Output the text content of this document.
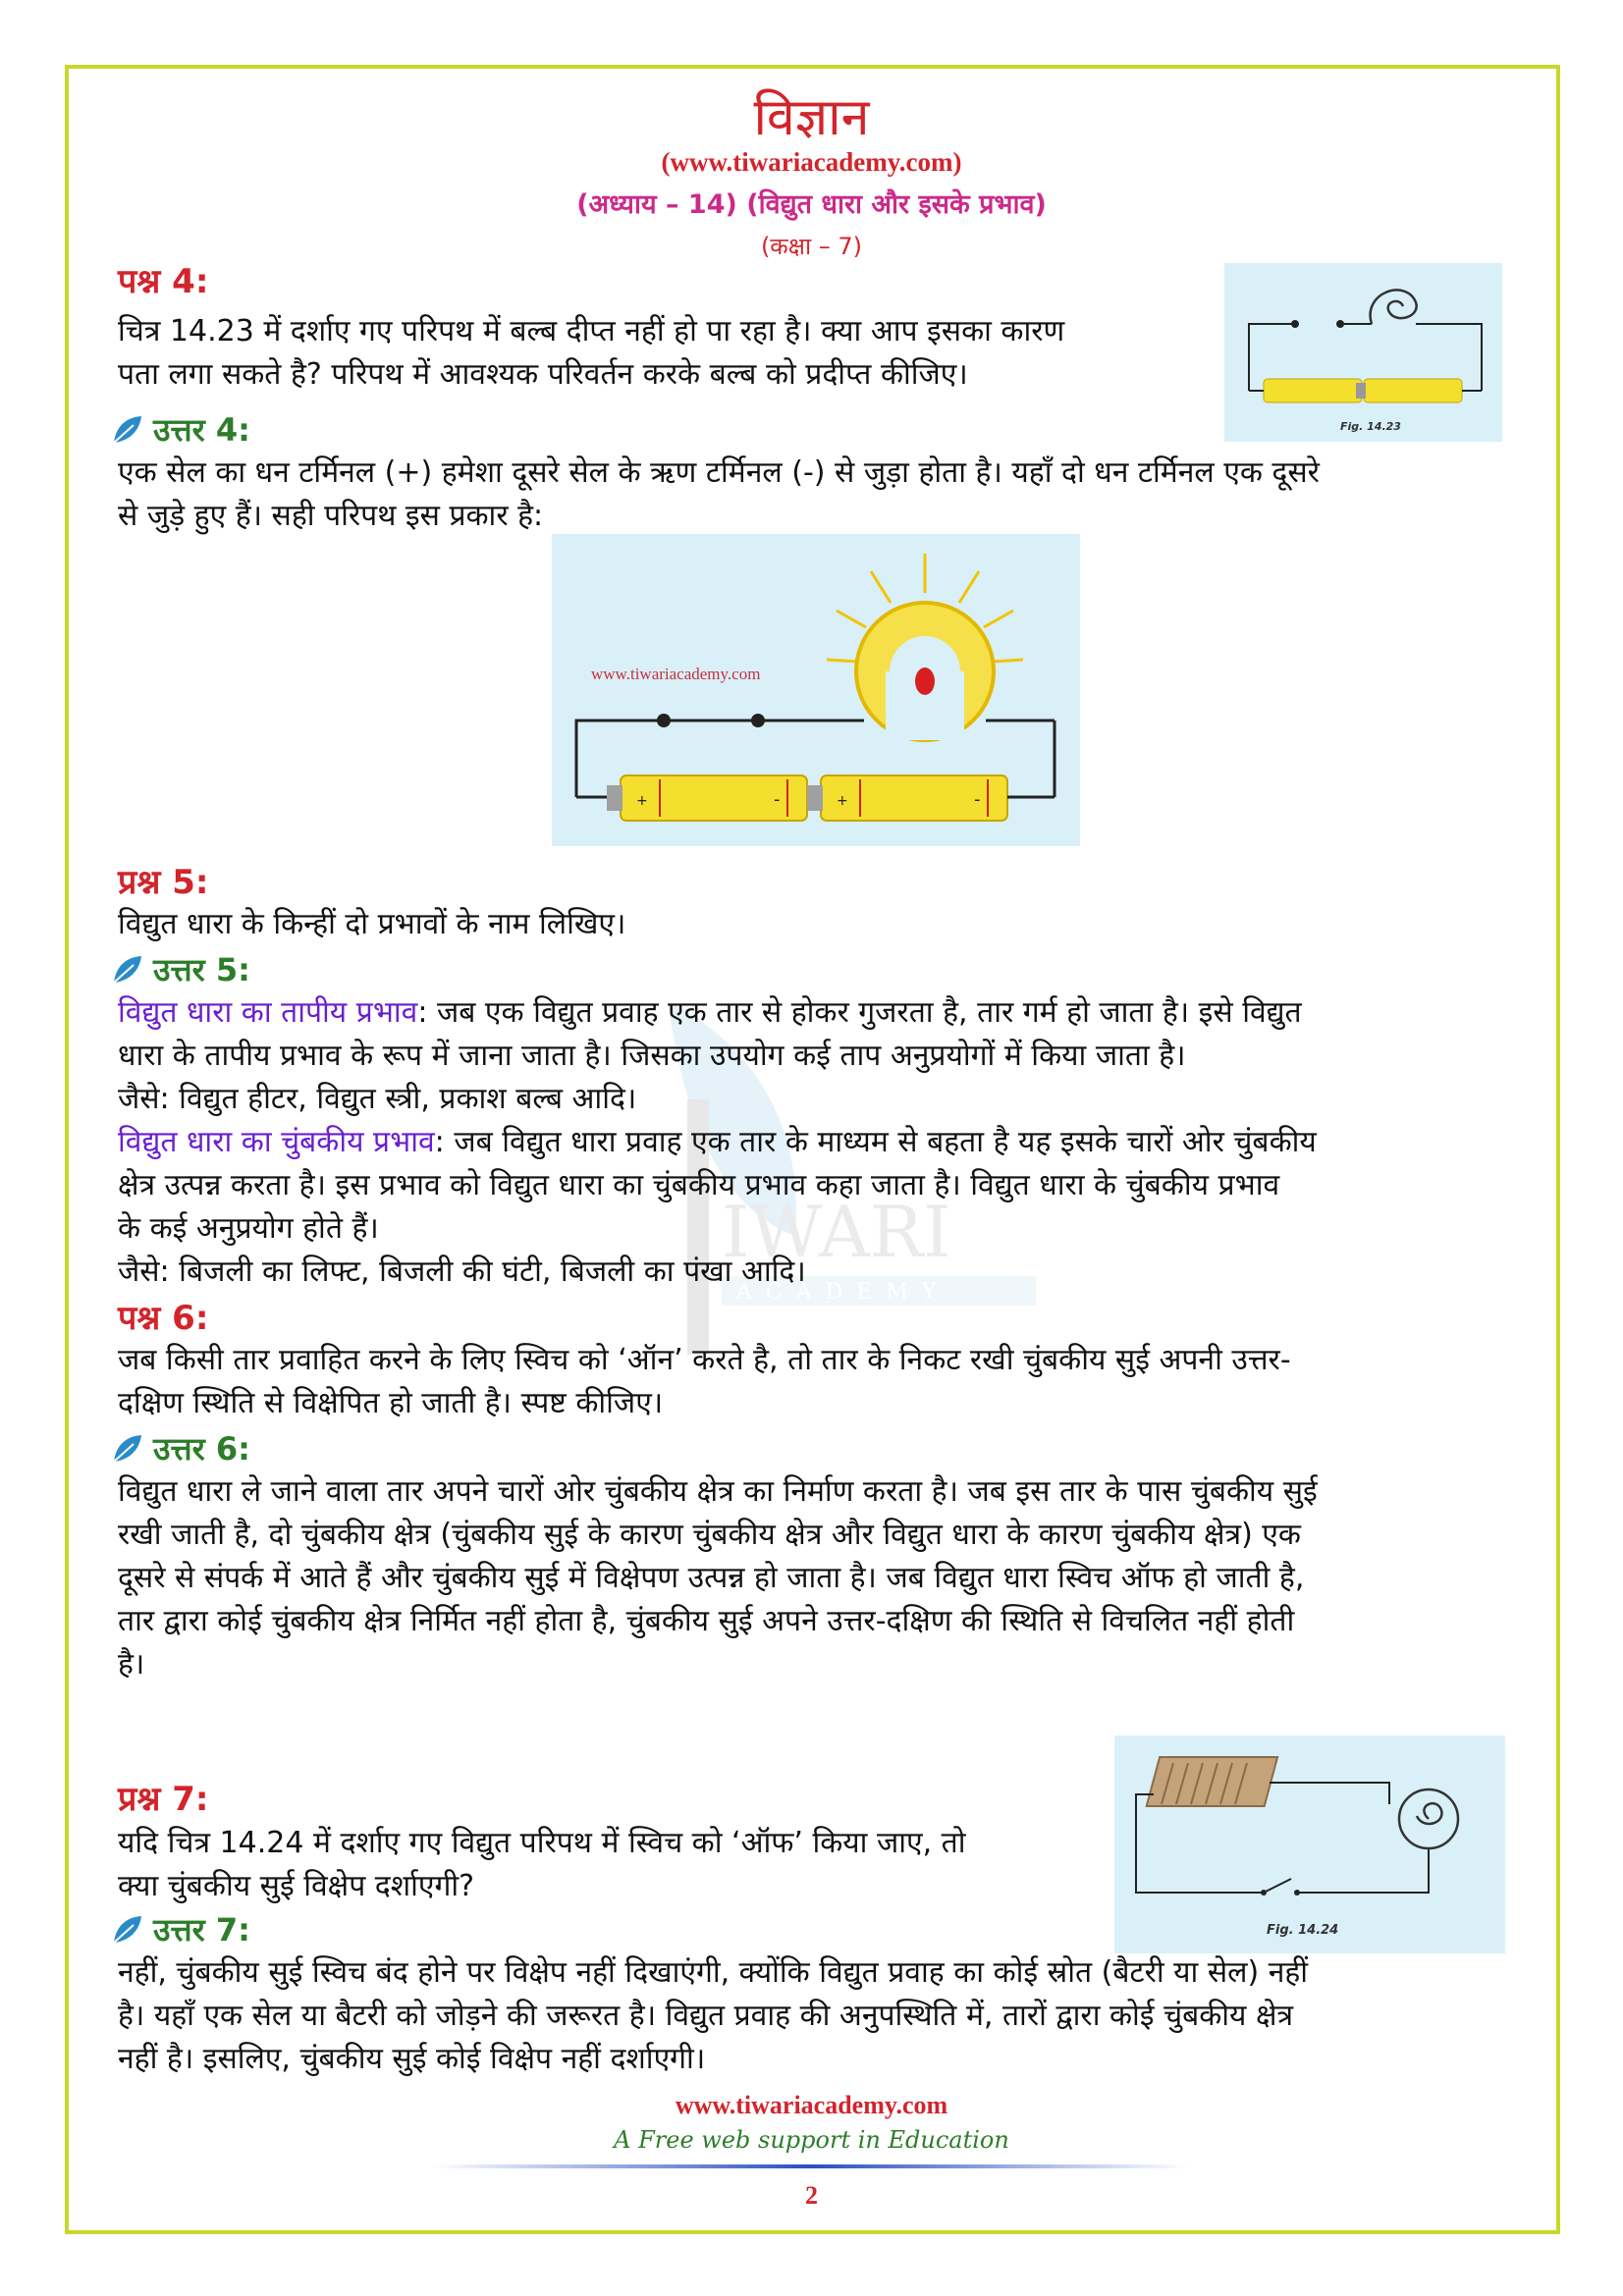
IWARI
ACADEMY
विज्ञान
(www.tiwariacademy.com)
(अध्याय – 14) (विद्युत धारा और इसके प्रभाव)
(कक्षा – 7)
पश्न 4:
चित्र 14.23 में दर्शाए गए परिपथ में बल्ब दीप्त नहीं हो पा रहा है। क्या आप इसका कारण
पता लगा सकते है? परिपथ में आवश्यक परिवर्तन करके बल्ब को प्रदीप्त कीजिए।
Fig. 14.23
उत्तर 4:
एक सेल का धन टर्मिनल (+) हमेशा दूसरे सेल के ऋण टर्मिनल (-) से जुड़ा होता है। यहाँ दो धन टर्मिनल एक दूसरे
से जुड़े हुए हैं। सही परिपथ इस प्रकार है:
www.tiwariacademy.com
+	-	+	-
प्रश्न 5:
विद्युत धारा के किन्हीं दो प्रभावों के नाम लिखिए।
उत्तर 5:
विद्युत धारा का तापीय प्रभाव: जब एक विद्युत प्रवाह एक तार से होकर गुजरता है, तार गर्म हो जाता है। इसे विद्युत
धारा के तापीय प्रभाव के रूप में जाना जाता है। जिसका उपयोग कई ताप अनुप्रयोगों में किया जाता है।
जैसे: विद्युत हीटर, विद्युत स्त्री, प्रकाश बल्ब आदि।
विद्युत धारा का चुंबकीय प्रभाव: जब विद्युत धारा प्रवाह एक तार के माध्यम से बहता है यह इसके चारों ओर चुंबकीय
क्षेत्र उत्पन्न करता है। इस प्रभाव को विद्युत धारा का चुंबकीय प्रभाव कहा जाता है। विद्युत धारा के चुंबकीय प्रभाव
के कई अनुप्रयोग होते हैं।
जैसे: बिजली का लिफ्ट, बिजली की घंटी, बिजली का पंखा आदि।
पश्न 6:
जब किसी तार प्रवाहित करने के लिए स्विच को ‘ऑन’ करते है, तो तार के निकट रखी चुंबकीय सुई अपनी उत्तर-
दक्षिण स्थिति से विक्षेपित हो जाती है। स्पष्ट कीजिए।
उत्तर 6:
विद्युत धारा ले जाने वाला तार अपने चारों ओर चुंबकीय क्षेत्र का निर्माण करता है। जब इस तार के पास चुंबकीय सुई
रखी जाती है, दो चुंबकीय क्षेत्र (चुंबकीय सुई के कारण चुंबकीय क्षेत्र और विद्युत धारा के कारण चुंबकीय क्षेत्र) एक
दूसरे से संपर्क में आते हैं और चुंबकीय सुई में विक्षेपण उत्पन्न हो जाता है। जब विद्युत धारा स्विच ऑफ हो जाती है,
तार द्वारा कोई चुंबकीय क्षेत्र निर्मित नहीं होता है, चुंबकीय सुई अपने उत्तर-दक्षिण की स्थिति से विचलित नहीं होती
है।
प्रश्न 7:
यदि चित्र 14.24 में दर्शाए गए विद्युत परिपथ में स्विच को ‘ऑफ’ किया जाए, तो
क्या चुंबकीय सुई विक्षेप दर्शाएगी?
Fig. 14.24
उत्तर 7:
नहीं, चुंबकीय सुई स्विच बंद होने पर विक्षेप नहीं दिखाएंगी, क्योंकि विद्युत प्रवाह का कोई स्रोत (बैटरी या सेल) नहीं
है। यहाँ एक सेल या बैटरी को जोड़ने की जरूरत है। विद्युत प्रवाह की अनुपस्थिति में, तारों द्वारा कोई चुंबकीय क्षेत्र
नहीं है। इसलिए, चुंबकीय सुई कोई विक्षेप नहीं दर्शाएगी।
www.tiwariacademy.com
A Free web support in Education
2
